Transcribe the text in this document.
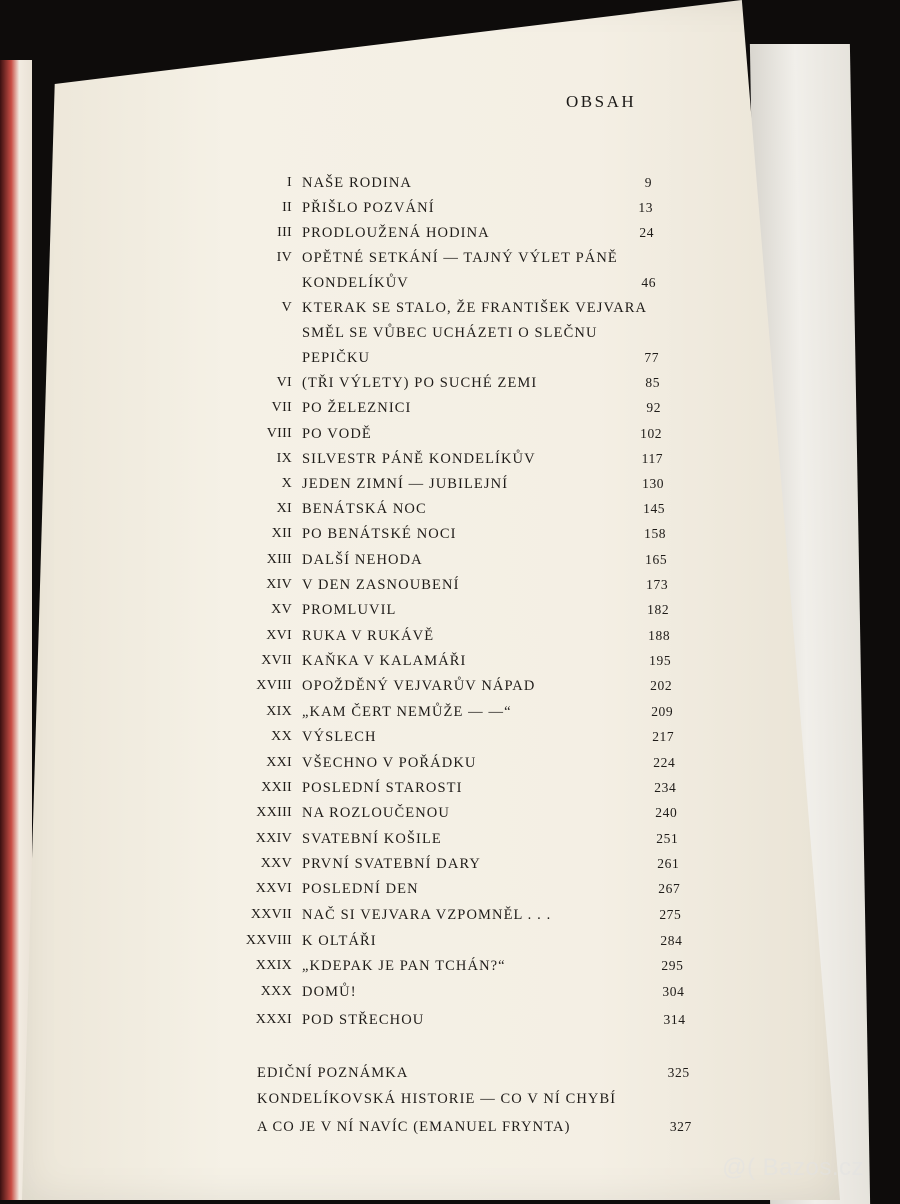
OBSAH
I NAŠE RODINA	9
II PŘIŠLO POZVÁNÍ	13
III PRODLOUŽENÁ HODINA	24
IV OPĚTNÉ SETKÁNÍ — TAJNÝ VÝLET PÁNĚ
KONDELÍKŮV	46
V KTERAK SE STALO, ŽE FRANTIŠEK VEJVARA
SMĚL SE VŮBEC UCHÁZETI O SLEČNU
PEPIČKU	77
VI (TŘI VÝLETY) PO SUCHÉ ZEMI	85
VII PO ŽELEZNICI	92
VIII PO VODĚ	102
IX SILVESTR PÁNĚ KONDELÍKŮV	117
X JEDEN ZIMNÍ — JUBILEJNÍ	130
XI BENÁTSKÁ NOC	145
XII PO BENÁTSKÉ NOCI	158
XIII DALŠÍ NEHODA	165
XIV V DEN ZASNOUBENÍ	173
XV PROMLUVIL	182
XVI RUKA V RUKÁVĚ	188
XVII KAŇKA V KALAMÁŘI	195
XVIII OPOŽDĚNÝ VEJVARŮV NÁPAD	202
XIX „KAM ČERT NEMŮŽE — —“	209
XX VÝSLECH	217
XXI VŠECHNO V POŘÁDKU	224
XXII POSLEDNÍ STAROSTI	234
XXIII NA ROZLOUČENOU	240
XXIV SVATEBNÍ KOŠILE	251
XXV PRVNÍ SVATEBNÍ DARY	261
XXVI POSLEDNÍ DEN	267
XXVII NAČ SI VEJVARA VZPOMNĚL . . .	275
XXVIII K OLTÁŘI	284
XXIX „KDEPAK JE PAN TCHÁN?“	295
XXX DOMŮ!	304
XXXI POD STŘECHOU	314
EDIČNÍ POZNÁMKA	325
KONDELÍKOVSKÁ HISTORIE — CO V NÍ CHYBÍ
A CO JE V NÍ NAVÍC (EMANUEL FRYNTA)	327
@( Bazos.cz
